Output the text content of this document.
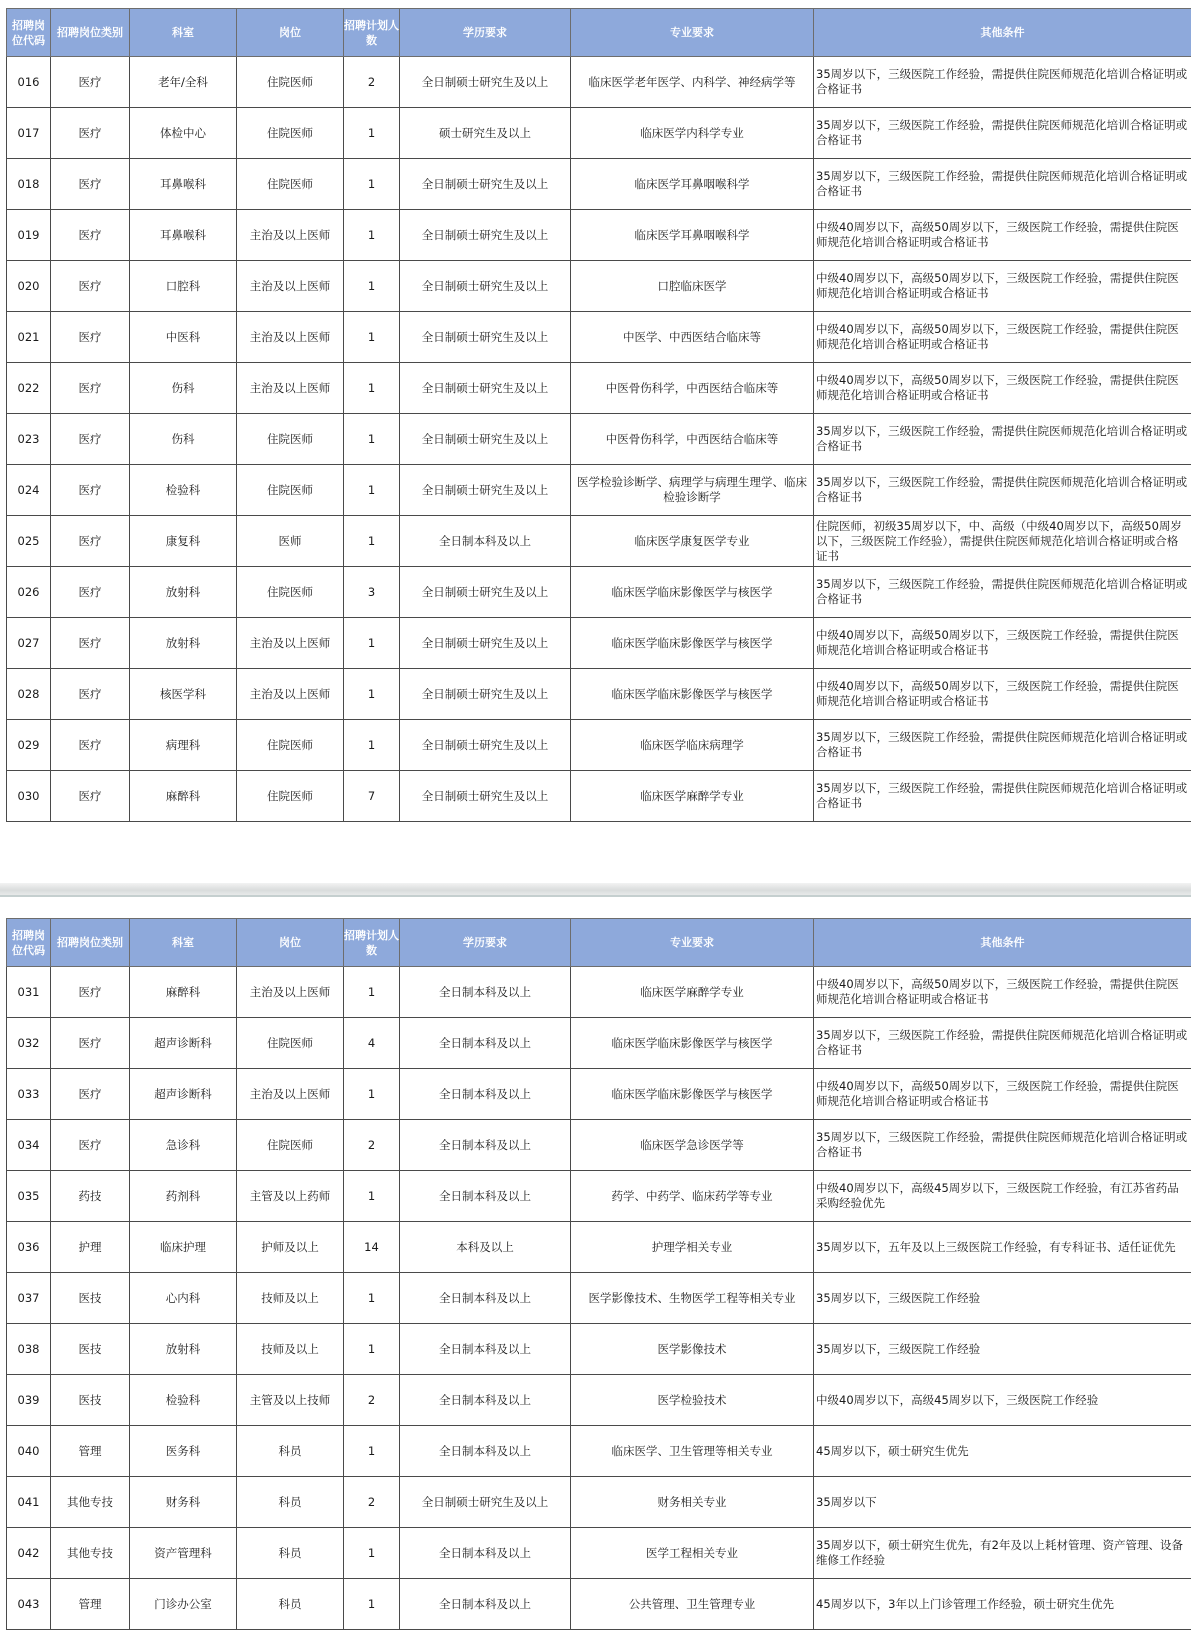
招聘岗位代码	招聘岗位类别	科室	岗位	招聘计划人数	学历要求	专业要求	其他条件
016	医疗	老年/全科	住院医师	2	全日制硕士研究生及以上	临床医学老年医学、内科学、神经病学等	35周岁以下，三级医院工作经验，需提供住院医师规范化培训合格证明或合格证书
017	医疗	体检中心	住院医师	1	硕士研究生及以上	临床医学内科学专业	35周岁以下，三级医院工作经验，需提供住院医师规范化培训合格证明或合格证书
018	医疗	耳鼻喉科	住院医师	1	全日制硕士研究生及以上	临床医学耳鼻咽喉科学	35周岁以下，三级医院工作经验，需提供住院医师规范化培训合格证明或合格证书
019	医疗	耳鼻喉科	主治及以上医师	1	全日制硕士研究生及以上	临床医学耳鼻咽喉科学	中级40周岁以下，高级50周岁以下，三级医院工作经验，需提供住院医师规范化培训合格证明或合格证书
020	医疗	口腔科	主治及以上医师	1	全日制硕士研究生及以上	口腔临床医学	中级40周岁以下，高级50周岁以下，三级医院工作经验，需提供住院医师规范化培训合格证明或合格证书
021	医疗	中医科	主治及以上医师	1	全日制硕士研究生及以上	中医学、中西医结合临床等	中级40周岁以下，高级50周岁以下，三级医院工作经验，需提供住院医师规范化培训合格证明或合格证书
022	医疗	伤科	主治及以上医师	1	全日制硕士研究生及以上	中医骨伤科学，中西医结合临床等	中级40周岁以下，高级50周岁以下，三级医院工作经验，需提供住院医师规范化培训合格证明或合格证书
023	医疗	伤科	住院医师	1	全日制硕士研究生及以上	中医骨伤科学，中西医结合临床等	35周岁以下，三级医院工作经验，需提供住院医师规范化培训合格证明或合格证书
024	医疗	检验科	住院医师	1	全日制硕士研究生及以上	医学检验诊断学、病理学与病理生理学、临床检验诊断学	35周岁以下，三级医院工作经验，需提供住院医师规范化培训合格证明或合格证书
025	医疗	康复科	医师	1	全日制本科及以上	临床医学康复医学专业	住院医师，初级35周岁以下，中、高级（中级40周岁以下，高级50周岁以下，三级医院工作经验），需提供住院医师规范化培训合格证明或合格证书
026	医疗	放射科	住院医师	3	全日制硕士研究生及以上	临床医学临床影像医学与核医学	35周岁以下，三级医院工作经验，需提供住院医师规范化培训合格证明或合格证书
027	医疗	放射科	主治及以上医师	1	全日制硕士研究生及以上	临床医学临床影像医学与核医学	中级40周岁以下，高级50周岁以下，三级医院工作经验，需提供住院医师规范化培训合格证明或合格证书
028	医疗	核医学科	主治及以上医师	1	全日制硕士研究生及以上	临床医学临床影像医学与核医学	中级40周岁以下，高级50周岁以下，三级医院工作经验，需提供住院医师规范化培训合格证明或合格证书
029	医疗	病理科	住院医师	1	全日制硕士研究生及以上	临床医学临床病理学	35周岁以下，三级医院工作经验，需提供住院医师规范化培训合格证明或合格证书
030	医疗	麻醉科	住院医师	7	全日制硕士研究生及以上	临床医学麻醉学专业	35周岁以下，三级医院工作经验，需提供住院医师规范化培训合格证明或合格证书
招聘岗位代码	招聘岗位类别	科室	岗位	招聘计划人数	学历要求	专业要求	其他条件
031	医疗	麻醉科	主治及以上医师	1	全日制本科及以上	临床医学麻醉学专业	中级40周岁以下，高级50周岁以下，三级医院工作经验，需提供住院医师规范化培训合格证明或合格证书
032	医疗	超声诊断科	住院医师	4	全日制本科及以上	临床医学临床影像医学与核医学	35周岁以下，三级医院工作经验，需提供住院医师规范化培训合格证明或合格证书
033	医疗	超声诊断科	主治及以上医师	1	全日制本科及以上	临床医学临床影像医学与核医学	中级40周岁以下，高级50周岁以下，三级医院工作经验，需提供住院医师规范化培训合格证明或合格证书
034	医疗	急诊科	住院医师	2	全日制本科及以上	临床医学急诊医学等	35周岁以下，三级医院工作经验，需提供住院医师规范化培训合格证明或合格证书
035	药技	药剂科	主管及以上药师	1	全日制本科及以上	药学、中药学、临床药学等专业	中级40周岁以下，高级45周岁以下，三级医院工作经验，有江苏省药品采购经验优先
036	护理	临床护理	护师及以上	14	本科及以上	护理学相关专业	35周岁以下，五年及以上三级医院工作经验，有专科证书、适任证优先
037	医技	心内科	技师及以上	1	全日制本科及以上	医学影像技术、生物医学工程等相关专业	35周岁以下，三级医院工作经验
038	医技	放射科	技师及以上	1	全日制本科及以上	医学影像技术	35周岁以下，三级医院工作经验
039	医技	检验科	主管及以上技师	2	全日制本科及以上	医学检验技术	中级40周岁以下，高级45周岁以下，三级医院工作经验
040	管理	医务科	科员	1	全日制本科及以上	临床医学、卫生管理等相关专业	45周岁以下，硕士研究生优先
041	其他专技	财务科	科员	2	全日制硕士研究生及以上	财务相关专业	35周岁以下
042	其他专技	资产管理科	科员	1	全日制本科及以上	医学工程相关专业	35周岁以下，硕士研究生优先，有2年及以上耗材管理、资产管理、设备维修工作经验
043	管理	门诊办公室	科员	1	全日制本科及以上	公共管理、卫生管理专业	45周岁以下，3年以上门诊管理工作经验，硕士研究生优先
